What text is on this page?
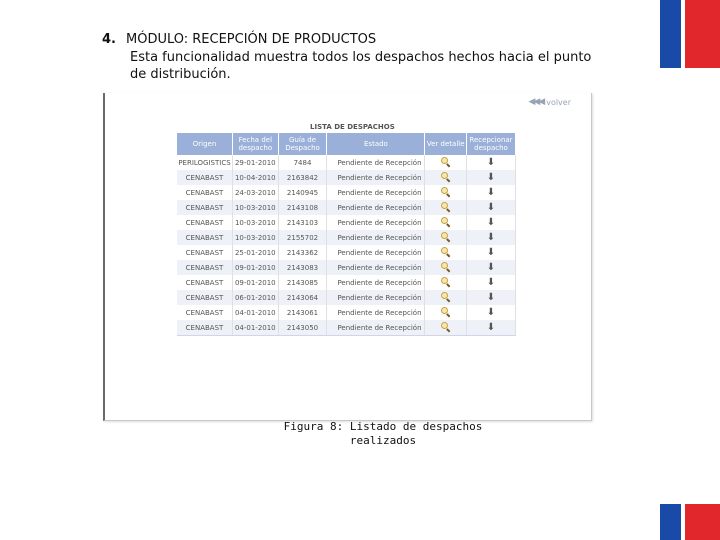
4. MÓDULO: RECEPCIÓN DE PRODUCTOS
Esta funcionalidad muestra todos los despachos hechos hacia el punto de distribución.
◀◀◀ volver
LISTA DE DESPACHOS
Origen	Fecha del despacho	Guía de Despacho	Estado	Ver detalle	Recepcionar despacho
PERILOGISTICS	29-01-2010	7484	Pendiente de Recepción		⬇
CENABAST	10-04-2010	2163842	Pendiente de Recepción		⬇
CENABAST	24-03-2010	2140945	Pendiente de Recepción		⬇
CENABAST	10-03-2010	2143108	Pendiente de Recepción		⬇
CENABAST	10-03-2010	2143103	Pendiente de Recepción		⬇
CENABAST	10-03-2010	2155702	Pendiente de Recepción		⬇
CENABAST	25-01-2010	2143362	Pendiente de Recepción		⬇
CENABAST	09-01-2010	2143083	Pendiente de Recepción		⬇
CENABAST	09-01-2010	2143085	Pendiente de Recepción		⬇
CENABAST	06-01-2010	2143064	Pendiente de Recepción		⬇
CENABAST	04-01-2010	2143061	Pendiente de Recepción		⬇
CENABAST	04-01-2010	2143050	Pendiente de Recepción		⬇
Figura 8: Listado de despachos realizados
